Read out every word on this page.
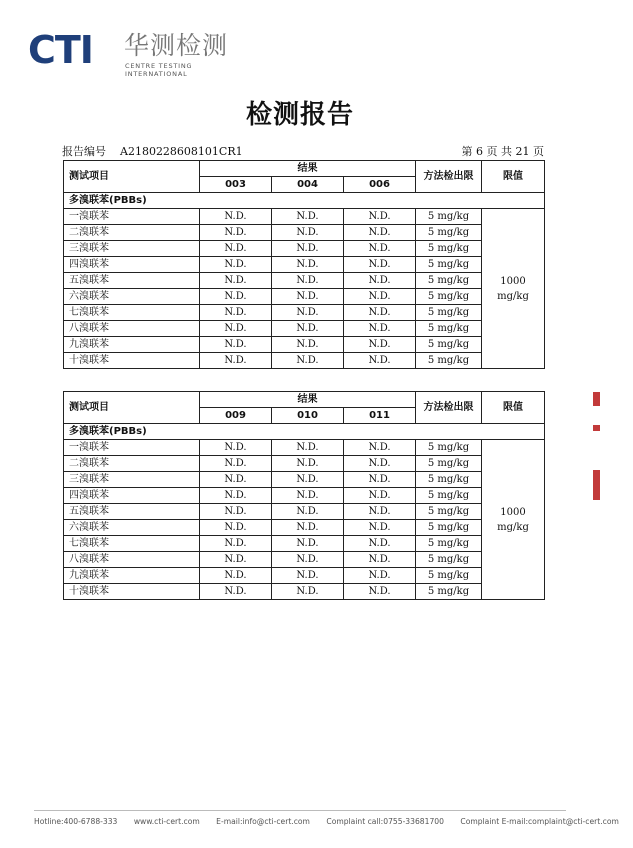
CTI 华测检测
CENTRE TESTING INTERNATIONAL
检测报告
报告编号 A2180228608101CR1	第 6 页 共 21 页
测试项目	结果			方法检出限	限值
	003	004	006		
多溴联苯(PBBs)					
一溴联苯	N.D.	N.D.	N.D.	5 mg/kg	1000 mg/kg
二溴联苯	N.D.	N.D.	N.D.	5 mg/kg	
三溴联苯	N.D.	N.D.	N.D.	5 mg/kg	
四溴联苯	N.D.	N.D.	N.D.	5 mg/kg	
五溴联苯	N.D.	N.D.	N.D.	5 mg/kg	
六溴联苯	N.D.	N.D.	N.D.	5 mg/kg	
七溴联苯	N.D.	N.D.	N.D.	5 mg/kg	
八溴联苯	N.D.	N.D.	N.D.	5 mg/kg	
九溴联苯	N.D.	N.D.	N.D.	5 mg/kg	
十溴联苯	N.D.	N.D.	N.D.	5 mg/kg	
测试项目	结果			方法检出限	限值
	009	010	011		
多溴联苯(PBBs)					
一溴联苯	N.D.	N.D.	N.D.	5 mg/kg	1000 mg/kg
二溴联苯	N.D.	N.D.	N.D.	5 mg/kg	
三溴联苯	N.D.	N.D.	N.D.	5 mg/kg	
四溴联苯	N.D.	N.D.	N.D.	5 mg/kg	
五溴联苯	N.D.	N.D.	N.D.	5 mg/kg	
六溴联苯	N.D.	N.D.	N.D.	5 mg/kg	
七溴联苯	N.D.	N.D.	N.D.	5 mg/kg	
八溴联苯	N.D.	N.D.	N.D.	5 mg/kg	
九溴联苯	N.D.	N.D.	N.D.	5 mg/kg	
十溴联苯	N.D.	N.D.	N.D.	5 mg/kg	
Hotline:400-6788-333 www.cti-cert.com E-mail:info@cti-cert.com Complaint call:0755-33681700 Complaint E-mail:complaint@cti-cert.com
